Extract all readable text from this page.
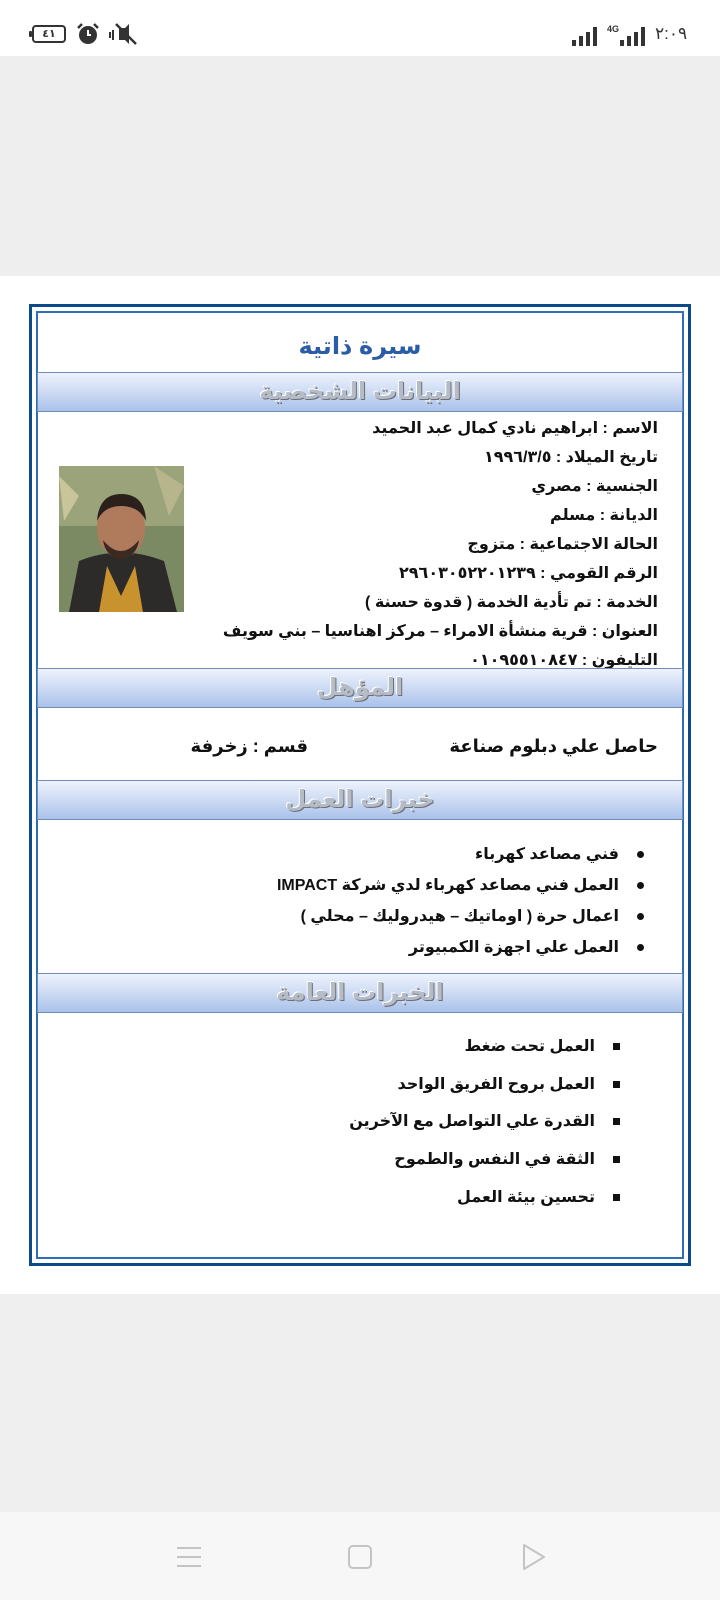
٤١	4G ٢:٠٩
سيرة ذاتية
البيانات الشخصية
الاسم : ابراهيم نادي كمال عبد الحميد
تاريخ الميلاد : ١٩٩٦/٣/٥
الجنسية : مصري
الديانة : مسلم
الحالة الاجتماعية : متزوج
الرقم القومي : ٢٩٦٠٣٠٥٢٢٠١٢٣٩
الخدمة : تم تأدية الخدمة ( قدوة حسنة )
العنوان : قرية منشأة الامراء – مركز اهناسيا – بني سويف
التليفون : ٠١٠٩٥٥١٠٨٤٧
المؤهل
حاصل علي دبلوم صناعة
قسم : زخرفة
خبرات العمل
فني مصاعد كهرباء
العمل فني مصاعد كهرباء لدي شركة IMPACT
اعمال حرة ( اوماتيك – هيدروليك – محلي )
العمل علي اجهزة الكمبيوتر
الخبرات العامة
العمل تحت ضغط
العمل بروح الفريق الواحد
القدرة علي التواصل مع الآخرين
الثقة في النفس والطموح
تحسين بيئة العمل
